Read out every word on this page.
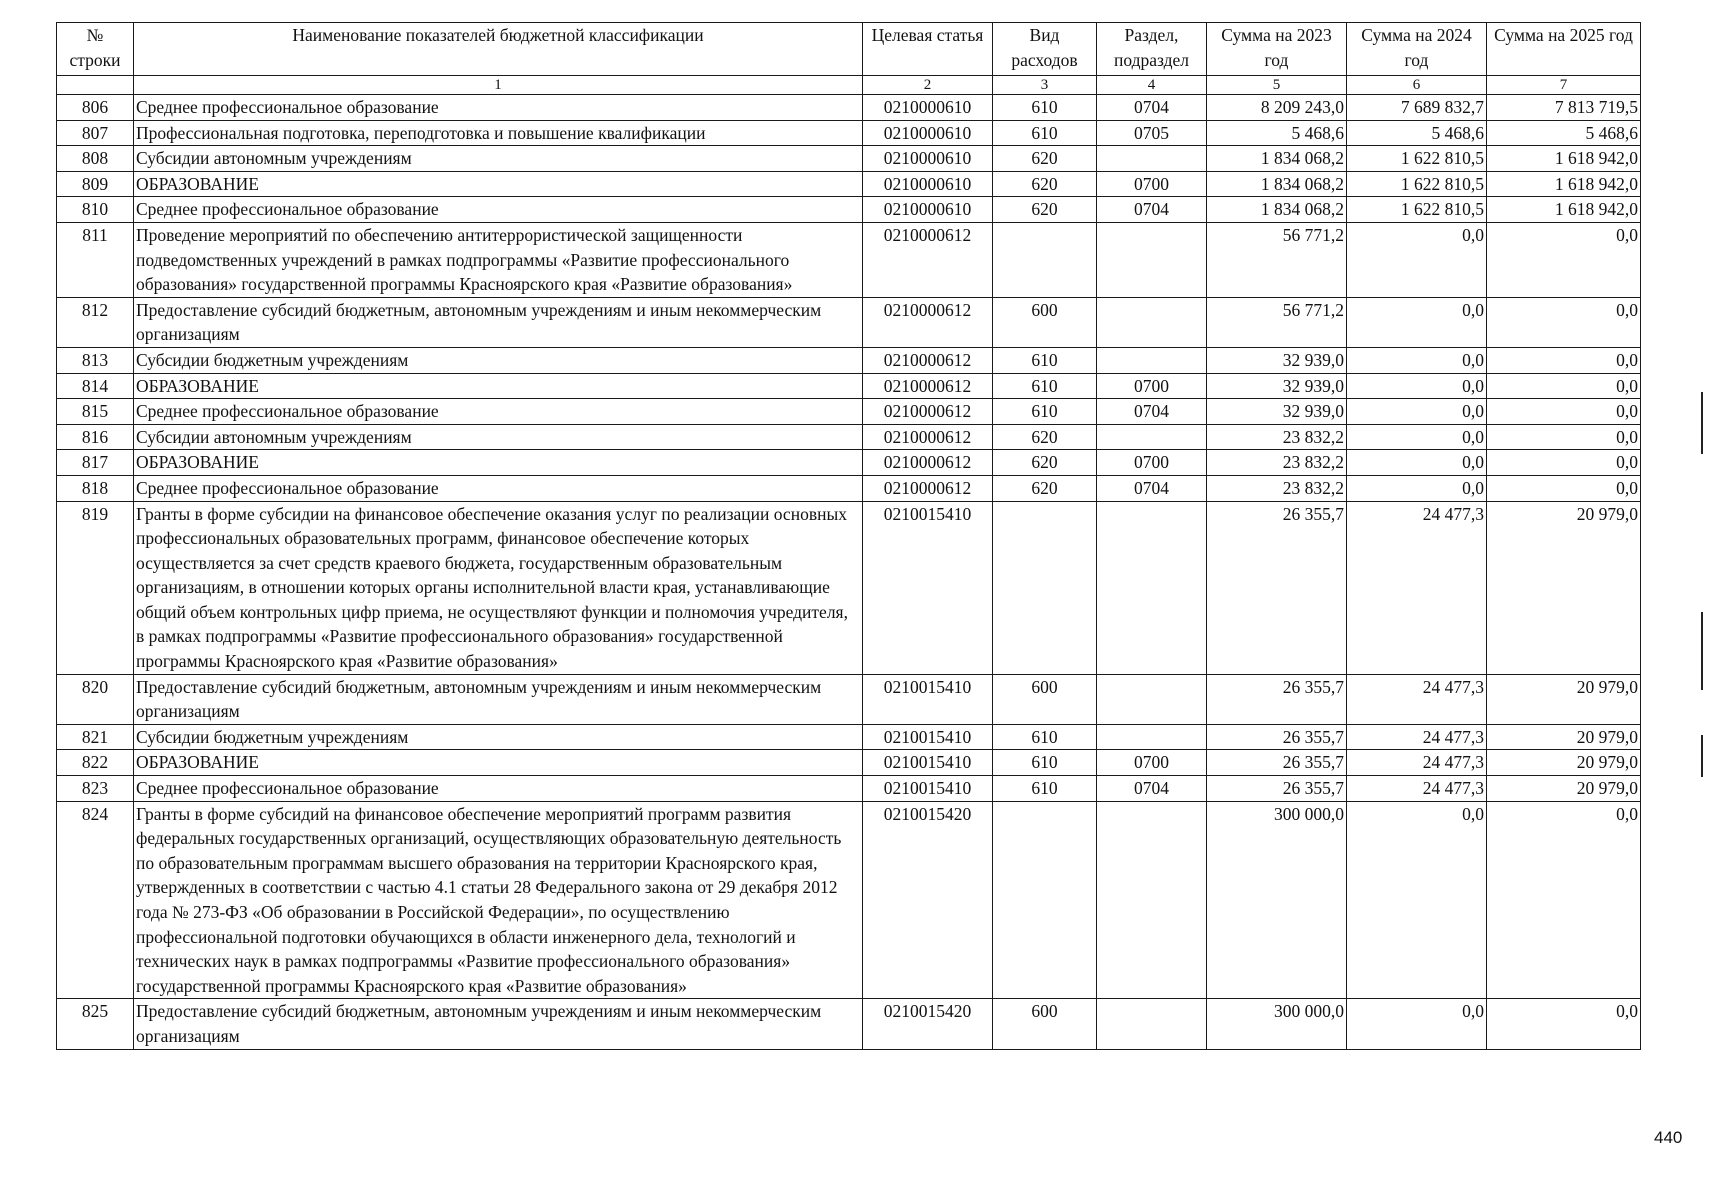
№ строки	Наименование показателей бюджетной классификации	Целевая статья	Вид расходов	Раздел, подраздел	Сумма на 2023 год	Сумма на 2024 год	Сумма на 2025 год
	1	2	3	4	5	6	7
806	Среднее профессиональное образование	0210000610	610	0704	8 209 243,0	7 689 832,7	7 813 719,5
807	Профессиональная подготовка, переподготовка и повышение квалификации	0210000610	610	0705	5 468,6	5 468,6	5 468,6
808	Субсидии автономным учреждениям	0210000610	620		1 834 068,2	1 622 810,5	1 618 942,0
809	ОБРАЗОВАНИЕ	0210000610	620	0700	1 834 068,2	1 622 810,5	1 618 942,0
810	Среднее профессиональное образование	0210000610	620	0704	1 834 068,2	1 622 810,5	1 618 942,0
811	Проведение мероприятий по обеспечению антитеррористической защищенности подведомственных учреждений в рамках подпрограммы «Развитие профессионального образования» государственной программы Красноярского края «Развитие образования»	0210000612			56 771,2	0,0	0,0
812	Предоставление субсидий бюджетным, автономным учреждениям и иным некоммерческим организациям	0210000612	600		56 771,2	0,0	0,0
813	Субсидии бюджетным учреждениям	0210000612	610		32 939,0	0,0	0,0
814	ОБРАЗОВАНИЕ	0210000612	610	0700	32 939,0	0,0	0,0
815	Среднее профессиональное образование	0210000612	610	0704	32 939,0	0,0	0,0
816	Субсидии автономным учреждениям	0210000612	620		23 832,2	0,0	0,0
817	ОБРАЗОВАНИЕ	0210000612	620	0700	23 832,2	0,0	0,0
818	Среднее профессиональное образование	0210000612	620	0704	23 832,2	0,0	0,0
819	Гранты в форме субсидии на финансовое обеспечение оказания услуг по реализации основных профессиональных образовательных программ, финансовое обеспечение которых осуществляется за счет средств краевого бюджета, государственным образовательным организациям, в отношении которых органы исполнительной власти края, устанавливающие общий объем контрольных цифр приема, не осуществляют функции и полномочия учредителя, в рамках подпрограммы «Развитие профессионального образования» государственной программы Красноярского края «Развитие образования»	0210015410			26 355,7	24 477,3	20 979,0
820	Предоставление субсидий бюджетным, автономным учреждениям и иным некоммерческим организациям	0210015410	600		26 355,7	24 477,3	20 979,0
821	Субсидии бюджетным учреждениям	0210015410	610		26 355,7	24 477,3	20 979,0
822	ОБРАЗОВАНИЕ	0210015410	610	0700	26 355,7	24 477,3	20 979,0
823	Среднее профессиональное образование	0210015410	610	0704	26 355,7	24 477,3	20 979,0
824	Гранты в форме субсидий на финансовое обеспечение мероприятий программ развития федеральных государственных организаций, осуществляющих образовательную деятельность по образовательным программам высшего образования на территории Красноярского края, утвержденных в соответствии с частью 4.1 статьи 28 Федерального закона от 29 декабря 2012 года № 273-ФЗ «Об образовании в Российской Федерации», по осуществлению профессиональной подготовки обучающихся в области инженерного дела, технологий и технических наук в рамках подпрограммы «Развитие профессионального образования» государственной программы Красноярского края «Развитие образования»	0210015420			300 000,0	0,0	0,0
825	Предоставление субсидий бюджетным, автономным учреждениям и иным некоммерческим организациям	0210015420	600		300 000,0	0,0	0,0
440
